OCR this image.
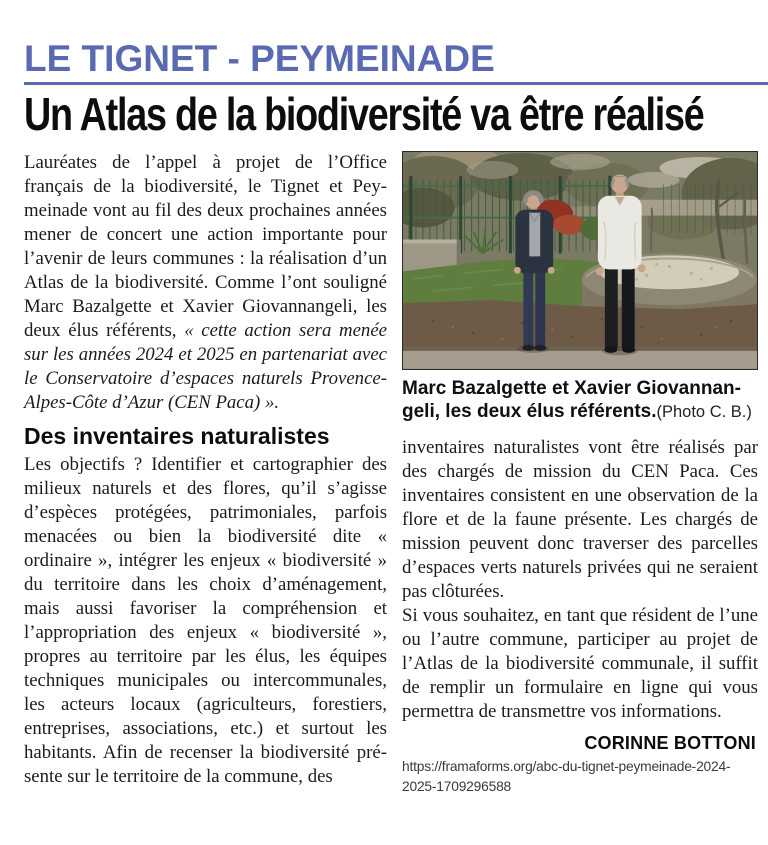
LE TIGNET - PEYMEINADE
Un Atlas de la biodiversité va être réalisé

Lauréates de l’appel à projet de l’Office français de la biodiversité, le Tignet et Peymeinade vont au fil des deux prochaines années mener de concert une action importante pour l’avenir de leurs communes : la réalisation d’un Atlas de la biodiversité. Comme l’ont souligné Marc Bazalgette et Xavier Giovannangeli, les deux élus référents, « cette action sera menée sur les années 2024 et 2025 en partenariat avec le Conservatoire d’espaces naturels Provence-Alpes-Côte d’Azur (CEN Paca) ».

Des inventaires naturalistes

Les objectifs ? Identifier et cartographier des milieux naturels et des flores, qu’il s’agisse d’espèces protégées, patrimoniales, parfois menacées ou bien la biodiversité dite « ordinaire », intégrer les enjeux « biodiversité » du territoire dans les choix d’aménagement, mais aussi favoriser la compréhension et l’appropriation des enjeux « biodiversité », propres au territoire par les élus, les équipes techniques municipales ou intercommunales, les acteurs locaux (agriculteurs, forestiers, entreprises, associations, etc.) et surtout les habitants. Afin de recenser la biodiversité présente sur le territoire de la commune, des

Marc Bazalgette et Xavier Giovannangeli, les deux élus référents.(Photo C. B.)

inventaires naturalistes vont être réalisés par des chargés de mission du CEN Paca. Ces inventaires consistent en une observation de la flore et de la faune présente. Les chargés de mission peuvent donc traverser des parcelles d’espaces verts naturels privées qui ne seraient pas clôturées.

Si vous souhaitez, en tant que résident de l’une ou l’autre commune, participer au projet de l’Atlas de la biodiversité communale, il suffit de remplir un formulaire en ligne qui vous permettra de transmettre vos informations.

CORINNE BOTTONI

https://framaforms.org/abc-du-tignet-peymeinade-2024-2025-1709296588
